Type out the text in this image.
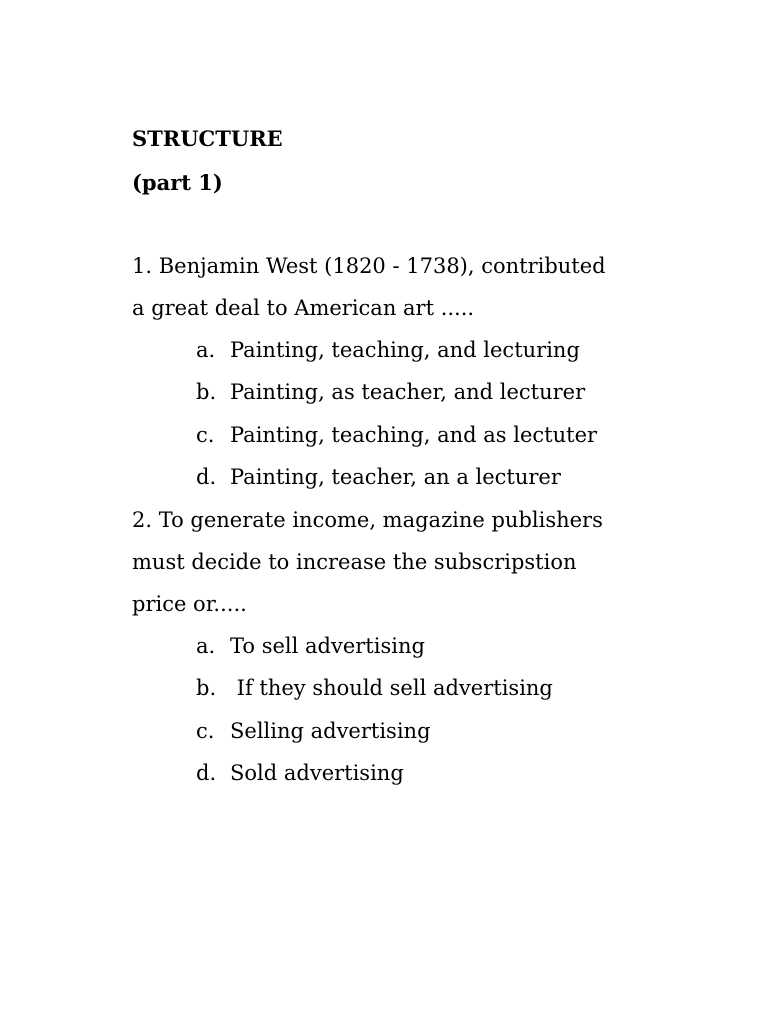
STRUCTURE
(part 1)
1. Benjamin West (1820 - 1738), contributed
a great deal to American art .....
a. Painting, teaching, and lecturing
b. Painting, as teacher, and lecturer
c. Painting, teaching, and as lectuter
d. Painting, teacher, an a lecturer
2. To generate income, magazine publishers
must decide to increase the subscripstion
price or.....
a. To sell advertising
b. If they should sell advertising
c. Selling advertising
d. Sold advertising
